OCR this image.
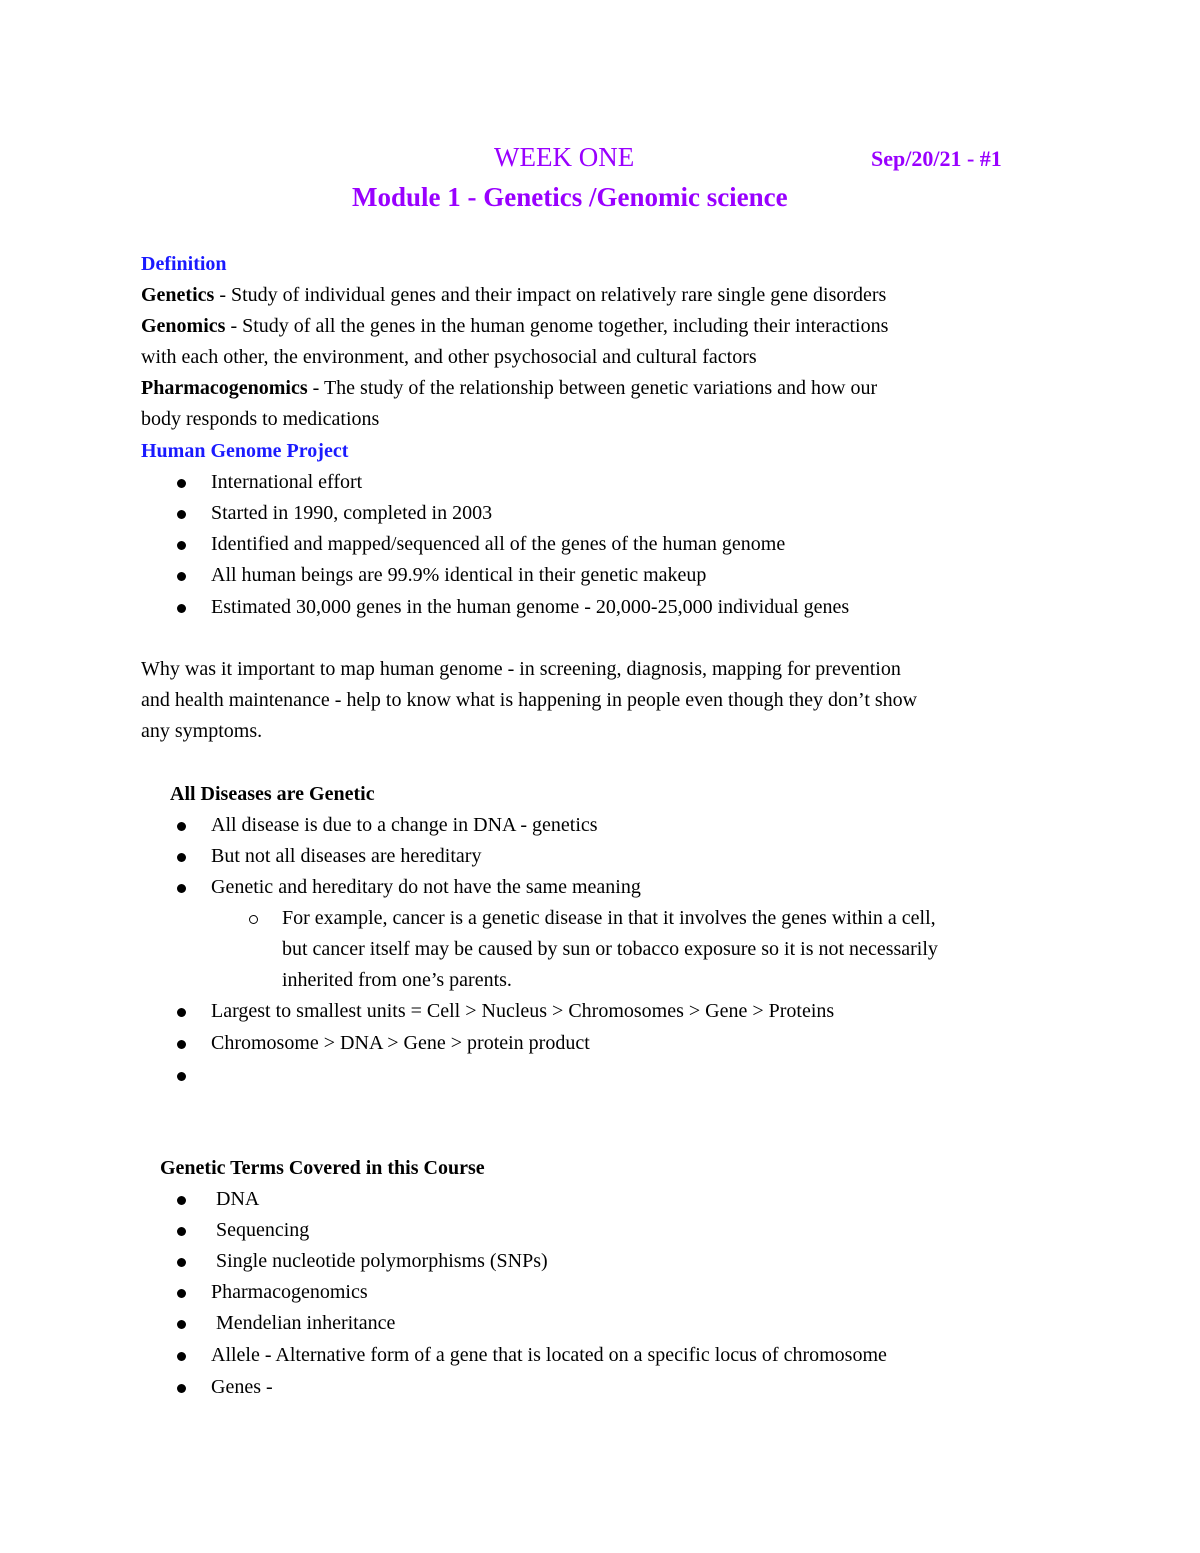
WEEK ONE	Sep/20/21 - #1
Module 1 - Genetics /Genomic science
Definition
Genetics - Study of individual genes and their impact on relatively rare single gene disorders
Genomics - Study of all the genes in the human genome together, including their interactions
with each other, the environment, and other psychosocial and cultural factors
Pharmacogenomics - The study of the relationship between genetic variations and how our
body responds to medications
Human Genome Project
International effort
Started in 1990, completed in 2003
Identified and mapped/sequenced all of the genes of the human genome
All human beings are 99.9% identical in their genetic makeup
Estimated 30,000 genes in the human genome - 20,000-25,000 individual genes
Why was it important to map human genome - in screening, diagnosis, mapping for prevention
and health maintenance - help to know what is happening in people even though they don’t show
any symptoms.
All Diseases are Genetic
All disease is due to a change in DNA - genetics
But not all diseases are hereditary
Genetic and hereditary do not have the same meaning
For example, cancer is a genetic disease in that it involves the genes within a cell,
but cancer itself may be caused by sun or tobacco exposure so it is not necessarily
inherited from one’s parents.
Largest to smallest units = Cell > Nucleus > Chromosomes > Gene > Proteins
Chromosome > DNA > Gene > protein product
Genetic Terms Covered in this Course
DNA
Sequencing
Single nucleotide polymorphisms (SNPs)
Pharmacogenomics
Mendelian inheritance
Allele - Alternative form of a gene that is located on a specific locus of chromosome
Genes -
